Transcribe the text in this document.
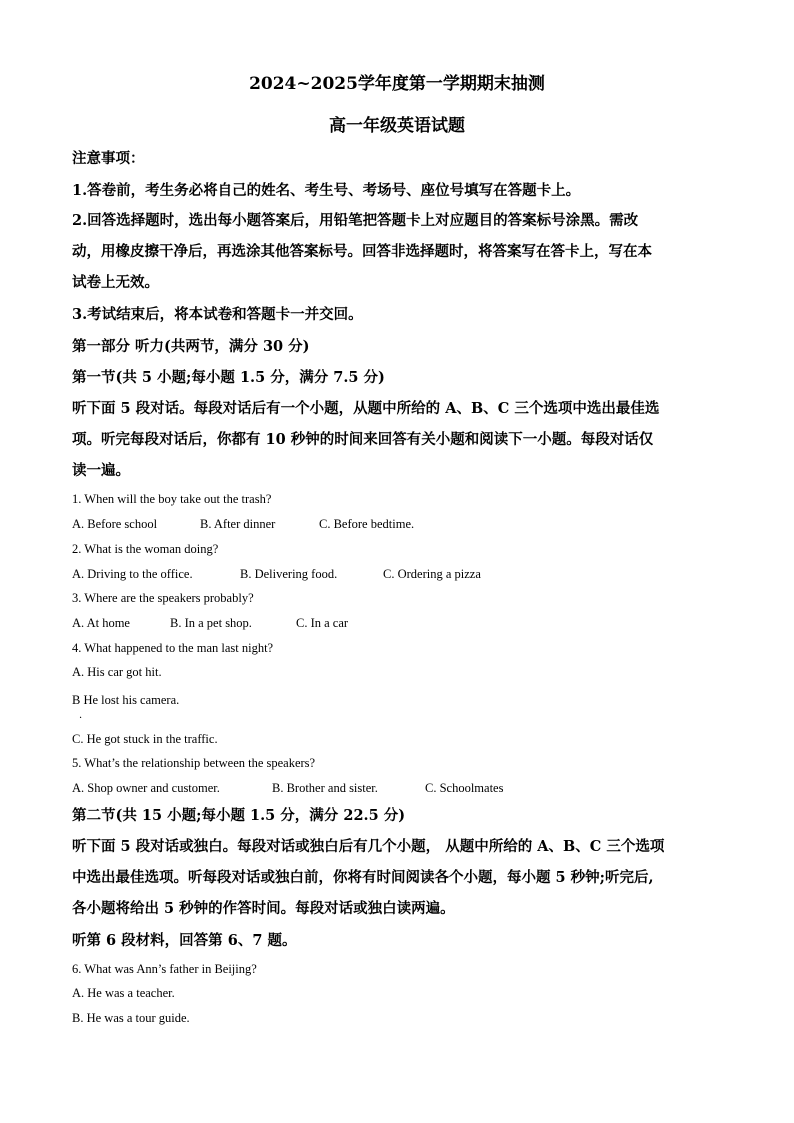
2024~2025学年度第一学期期末抽测
高一年级英语试题
注意事项：
1.答卷前，考生务必将自己的姓名、考生号、考场号、座位号填写在答题卡上。
2.回答选择题时，选出每小题答案后，用铅笔把答题卡上对应题目的答案标号涂黑。需改
动，用橡皮擦干净后，再选涂其他答案标号。回答非选择题时，将答案写在答卡上，写在本
试卷上无效。
3.考试结束后，将本试卷和答题卡一并交回。
第一部分 听力(共两节，满分 30 分)
第一节(共 5 小题;每小题 1.5 分，满分 7.5 分)
听下面 5 段对话。每段对话后有一个小题，从题中所给的 A、B、C 三个选项中选出最佳选
项。听完每段对话后，你都有 10 秒钟的时间来回答有关小题和阅读下一小题。每段对话仅
读一遍。
1. When will the boy take out the trash?
A. Before school	B. After dinner	C. Before bedtime.
2. What is the woman doing?
A. Driving to the office.	B. Delivering food.	C. Ordering a pizza
3. Where are the speakers probably?
A. At home	B. In a pet shop.	C. In a car
4. What happened to the man last night?
A. His car got hit.
B He lost his camera.
·
C. He got stuck in the traffic.
5. What’s the relationship between the speakers?
A. Shop owner and customer.	B. Brother and sister.	C. Schoolmates
第二节(共 15 小题;每小题 1.5 分，满分 22.5 分)
听下面 5 段对话或独白。每段对话或独白后有几个小题， 从题中所给的 A、B、C 三个选项
中选出最佳选项。听每段对话或独白前，你将有时间阅读各个小题，每小题 5 秒钟;听完后,
各小题将给出 5 秒钟的作答时间。每段对话或独白读两遍。
听第 6 段材料，回答第 6、7 题。
6. What was Ann’s father in Beijing?
A. He was a teacher.
B. He was a tour guide.
